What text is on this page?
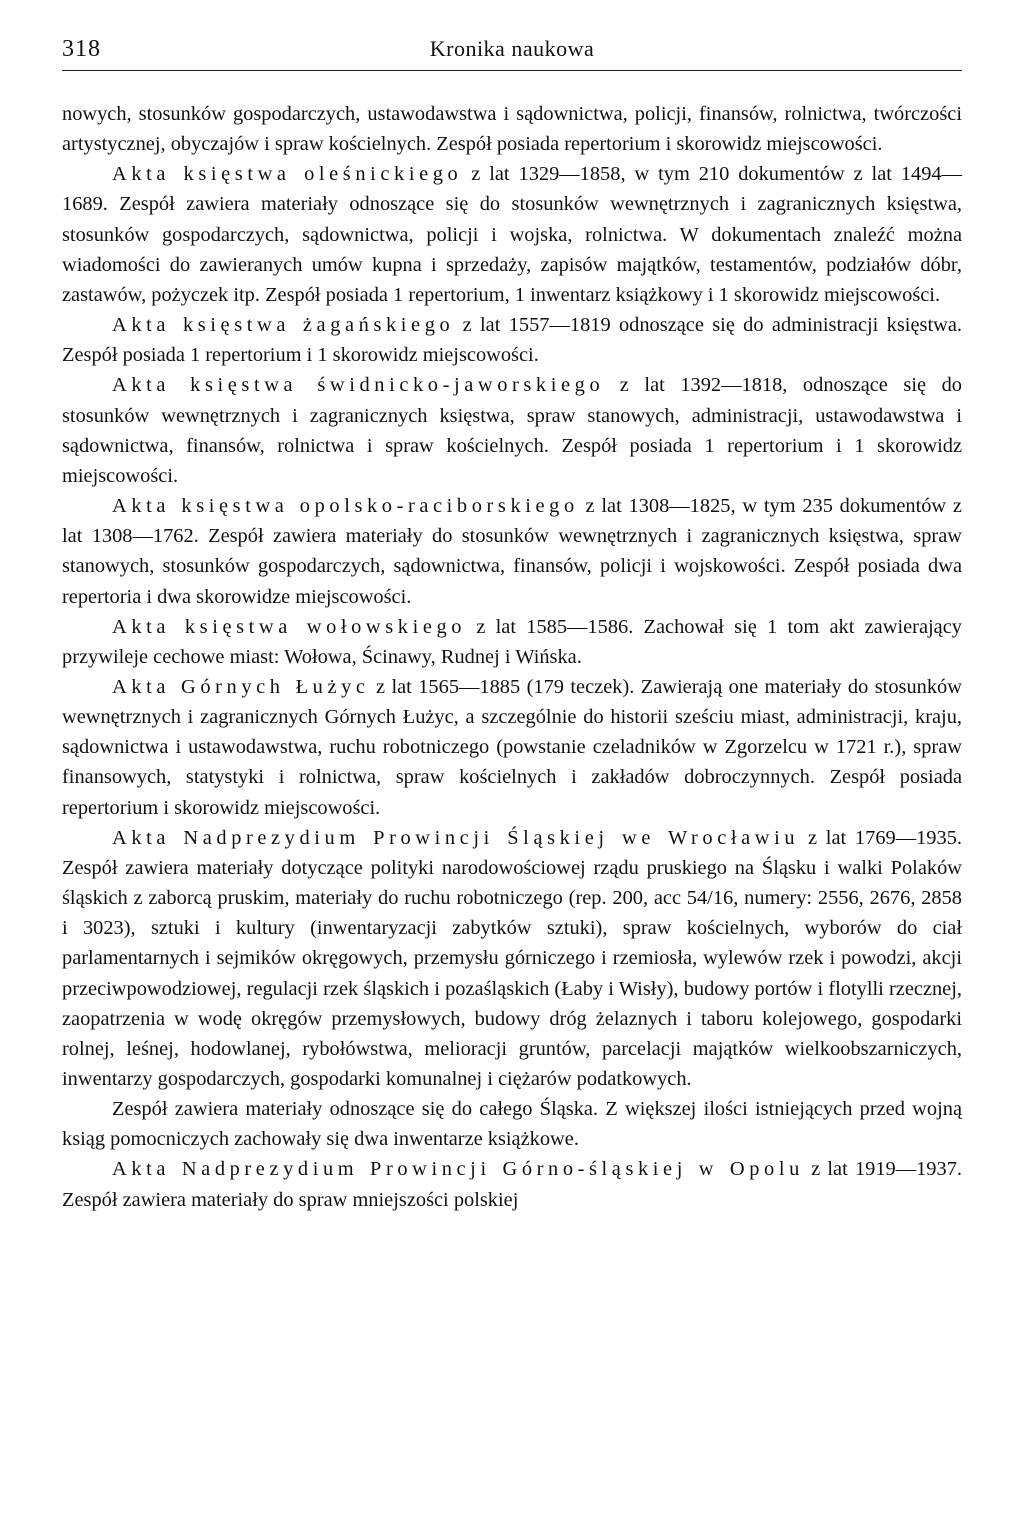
318	Kronika naukowa

nowych, stosunków gospodarczych, ustawodawstwa i sądownictwa, policji, finansów, rolnictwa, twórczości artystycznej, obyczajów i spraw kościelnych. Zespół posiada repertorium i skorowidz miejscowości.

Akta księstwa oleśnickiego z lat 1329—1858, w tym 210 dokumentów z lat 1494—1689. Zespół zawiera materiały odnoszące się do stosunków wewnętrznych i zagranicznych księstwa, stosunków gospodarczych, sądownictwa, policji i wojska, rolnictwa. W dokumentach znaleźć można wiadomości do zawieranych umów kupna i sprzedaży, zapisów majątków, testamentów, podziałów dóbr, zastawów, pożyczek itp. Zespół posiada 1 repertorium, 1 inwentarz książkowy i 1 skorowidz miejscowości.

Akta księstwa żagańskiego z lat 1557—1819 odnoszące się do administracji księstwa. Zespół posiada 1 repertorium i 1 skorowidz miejscowości.

Akta księstwa świdnicko-jaworskiego z lat 1392—1818, odnoszące się do stosunków wewnętrznych i zagranicznych księstwa, spraw stanowych, administracji, ustawodawstwa i sądownictwa, finansów, rolnictwa i spraw kościelnych. Zespół posiada 1 repertorium i 1 skorowidz miejscowości.

Akta księstwa opolsko-raciborskiego z lat 1308—1825, w tym 235 dokumentów z lat 1308—1762. Zespół zawiera materiały do stosunków wewnętrznych i zagranicznych księstwa, spraw stanowych, stosunków gospodarczych, sądownictwa, finansów, policji i wojskowości. Zespół posiada dwa repertoria i dwa skorowidze miejscowości.

Akta księstwa wołowskiego z lat 1585—1586. Zachował się 1 tom akt zawierający przywileje cechowe miast: Wołowa, Ścinawy, Rudnej i Wińska.

Akta Górnych Łużyc z lat 1565—1885 (179 teczek). Zawierają one materiały do stosunków wewnętrznych i zagranicznych Górnych Łużyc, a szczególnie do historii sześciu miast, administracji, kraju, sądownictwa i ustawodawstwa, ruchu robotniczego (powstanie czeladników w Zgorzelcu w 1721 r.), spraw finansowych, statystyki i rolnictwa, spraw kościelnych i zakładów dobroczynnych. Zespół posiada repertorium i skorowidz miejscowości.

Akta Nadprezydium Prowincji Śląskiej we Wrocławiu z lat 1769—1935. Zespół zawiera materiały dotyczące polityki narodowościowej rządu pruskiego na Śląsku i walki Polaków śląskich z zaborcą pruskim, materiały do ruchu robotniczego (rep. 200, acc 54/16, numery: 2556, 2676, 2858 i 3023), sztuki i kultury (inwentaryzacji zabytków sztuki), spraw kościelnych, wyborów do ciał parlamentarnych i sejmików okręgowych, przemysłu górniczego i rzemiosła, wylewów rzek i powodzi, akcji przeciwpowodziowej, regulacji rzek śląskich i pozaśląskich (Łaby i Wisły), budowy portów i flotylli rzecznej, zaopatrzenia w wodę okręgów przemysłowych, budowy dróg żelaznych i taboru kolejowego, gospodarki rolnej, leśnej, hodowlanej, rybołówstwa, melioracji gruntów, parcelacji majątków wielkoobszarniczych, inwentarzy gospodarczych, gospodarki komunalnej i ciężarów podatkowych.

Zespół zawiera materiały odnoszące się do całego Śląska. Z większej ilości istniejących przed wojną ksiąg pomocniczych zachowały się dwa inwentarze książkowe.

Akta Nadprezydium Prowincji Górno-śląskiej w Opolu z lat 1919—1937. Zespół zawiera materiały do spraw mniejszości polskiej
